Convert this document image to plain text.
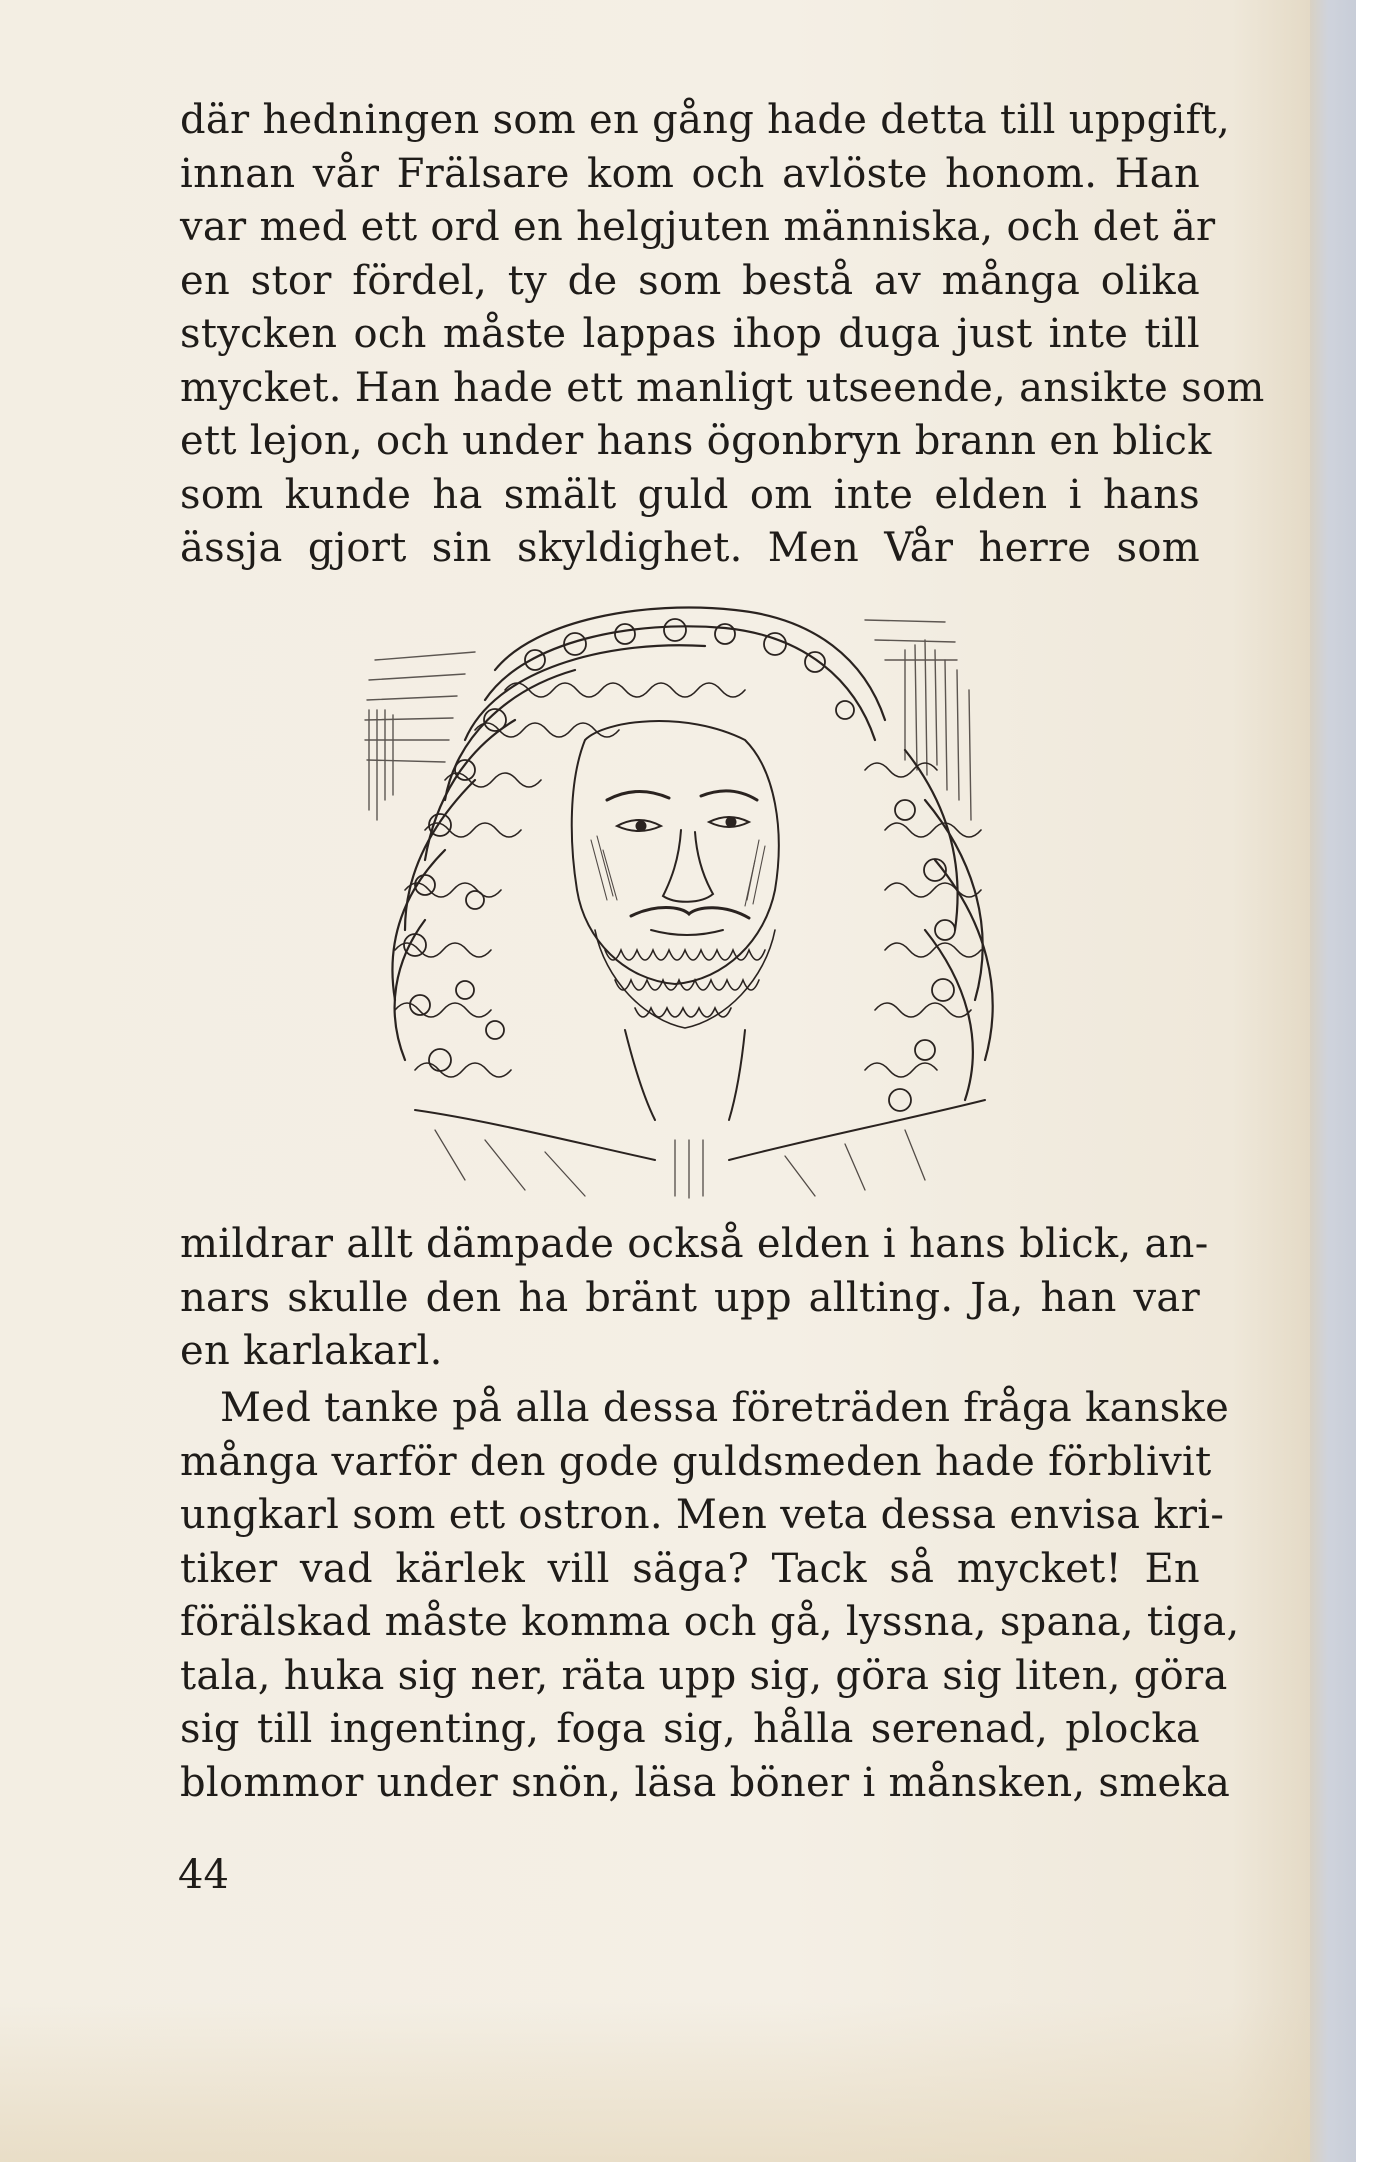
där hedningen som en gång hade detta till uppgift,
innan vår Frälsare kom och avlöste honom. Han
var med ett ord en helgjuten människa, och det är
en stor fördel, ty de som bestå av många olika
stycken och måste lappas ihop duga just inte till
mycket. Han hade ett manligt utseende, ansikte som
ett lejon, och under hans ögonbryn brann en blick
som kunde ha smält guld om inte elden i hans
ässja gjort sin skyldighet. Men Vår herre som
mildrar allt dämpade också elden i hans blick, an-
nars skulle den ha bränt upp allting. Ja, han var
en karlakarl.
Med tanke på alla dessa företräden fråga kanske
många varför den gode guldsmeden hade förblivit
ungkarl som ett ostron. Men veta dessa envisa kri-
tiker vad kärlek vill säga? Tack så mycket! En
förälskad måste komma och gå, lyssna, spana, tiga,
tala, huka sig ner, räta upp sig, göra sig liten, göra
sig till ingenting, foga sig, hålla serenad, plocka
blommor under snön, läsa böner i månsken, smeka
44
